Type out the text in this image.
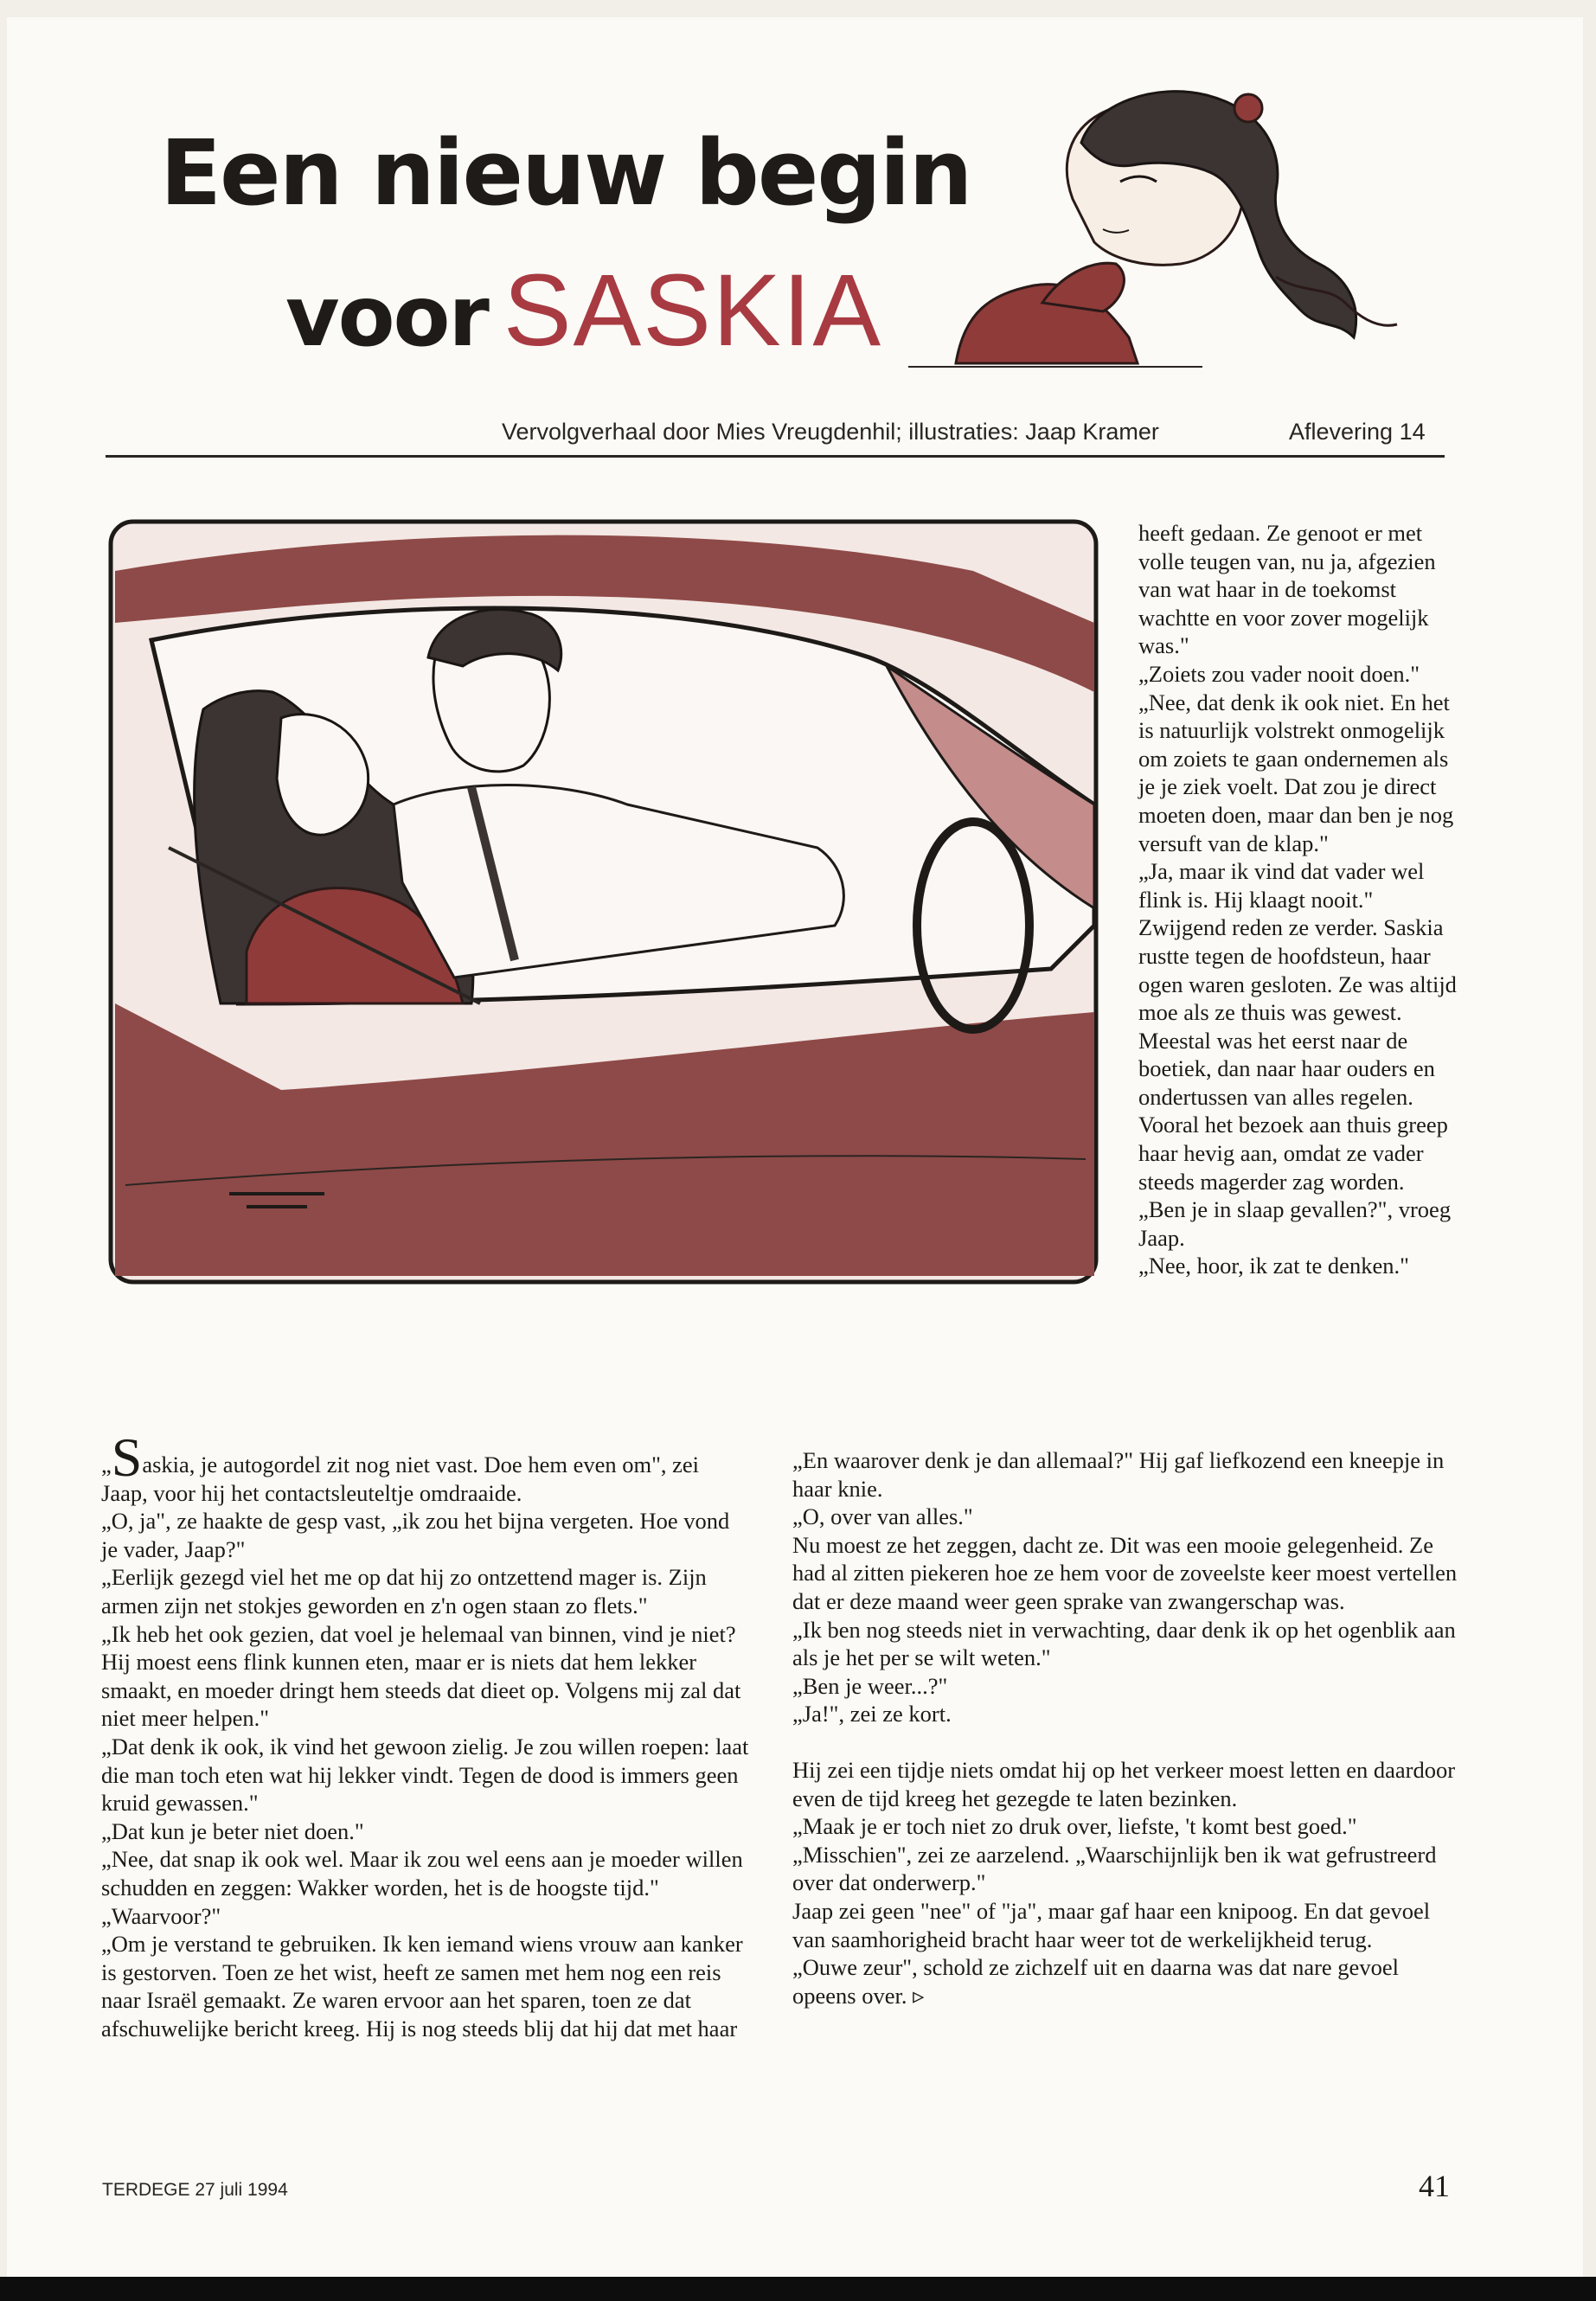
Een nieuw begin
voor SASKIA
Vervolgverhaal door Mies Vreugdenhil; illustraties: Jaap Kramer	Aflevering 14

heeft gedaan. Ze genoot er met volle teugen van, nu ja, afgezien van wat haar in de toekomst wachtte en voor zover mogelijk was."

„Zoiets zou vader nooit doen."

„Nee, dat denk ik ook niet. En het is natuurlijk volstrekt onmogelijk om zoiets te gaan ondernemen als je je ziek voelt. Dat zou je direct moeten doen, maar dan ben je nog versuft van de klap."

„Ja, maar ik vind dat vader wel flink is. Hij klaagt nooit."

Zwijgend reden ze verder. Saskia rustte tegen de hoofdsteun, haar ogen waren gesloten. Ze was altijd moe als ze thuis was gewest. Meestal was het eerst naar de boetiek, dan naar haar ouders en ondertussen van alles regelen.

Vooral het bezoek aan thuis greep haar hevig aan, omdat ze vader steeds magerder zag worden.

„Ben je in slaap gevallen?", vroeg Jaap.

„Nee, hoor, ik zat te denken."

„Saskia, je autogordel zit nog niet vast. Doe hem even om", zei Jaap, voor hij het contactsleuteltje omdraaide.

„O, ja", ze haakte de gesp vast, „ik zou het bijna vergeten. Hoe vond je vader, Jaap?"

„Eerlijk gezegd viel het me op dat hij zo ontzettend mager is. Zijn armen zijn net stokjes geworden en z'n ogen staan zo flets."

„Ik heb het ook gezien, dat voel je helemaal van binnen, vind je niet? Hij moest eens flink kunnen eten, maar er is niets dat hem lekker smaakt, en moeder dringt hem steeds dat dieet op. Volgens mij zal dat niet meer helpen."

„Dat denk ik ook, ik vind het gewoon zielig. Je zou willen roepen: laat die man toch eten wat hij lekker vindt. Tegen de dood is immers geen kruid gewassen."

„Dat kun je beter niet doen."

„Nee, dat snap ik ook wel. Maar ik zou wel eens aan je moeder willen schudden en zeggen: Wakker worden, het is de hoogste tijd."

„Waarvoor?"

„Om je verstand te gebruiken. Ik ken iemand wiens vrouw aan kanker is gestorven. Toen ze het wist, heeft ze samen met hem nog een reis naar Israël gemaakt. Ze waren ervoor aan het sparen, toen ze dat afschuwelijke bericht kreeg. Hij is nog steeds blij dat hij dat met haar

„En waarover denk je dan allemaal?" Hij gaf liefkozend een kneepje in haar knie.

„O, over van alles."

Nu moest ze het zeggen, dacht ze. Dit was een mooie gelegenheid. Ze had al zitten piekeren hoe ze hem voor de zoveelste keer moest vertellen dat er deze maand weer geen sprake van zwangerschap was.

„Ik ben nog steeds niet in verwachting, daar denk ik op het ogenblik aan als je het per se wilt weten."

„Ben je weer...?"

„Ja!", zei ze kort.

Hij zei een tijdje niets omdat hij op het verkeer moest letten en daardoor even de tijd kreeg het gezegde te laten bezinken.

„Maak je er toch niet zo druk over, liefste, 't komt best goed."

„Misschien", zei ze aarzelend. „Waarschijnlijk ben ik wat gefrustreerd over dat onderwerp."

Jaap zei geen "nee" of "ja", maar gaf haar een knipoog. En dat gevoel van saamhorigheid bracht haar weer tot de werkelijkheid terug.

„Ouwe zeur", schold ze zichzelf uit en daarna was dat nare gevoel opeens over. ▹

TERDEGE 27 juli 1994	41
